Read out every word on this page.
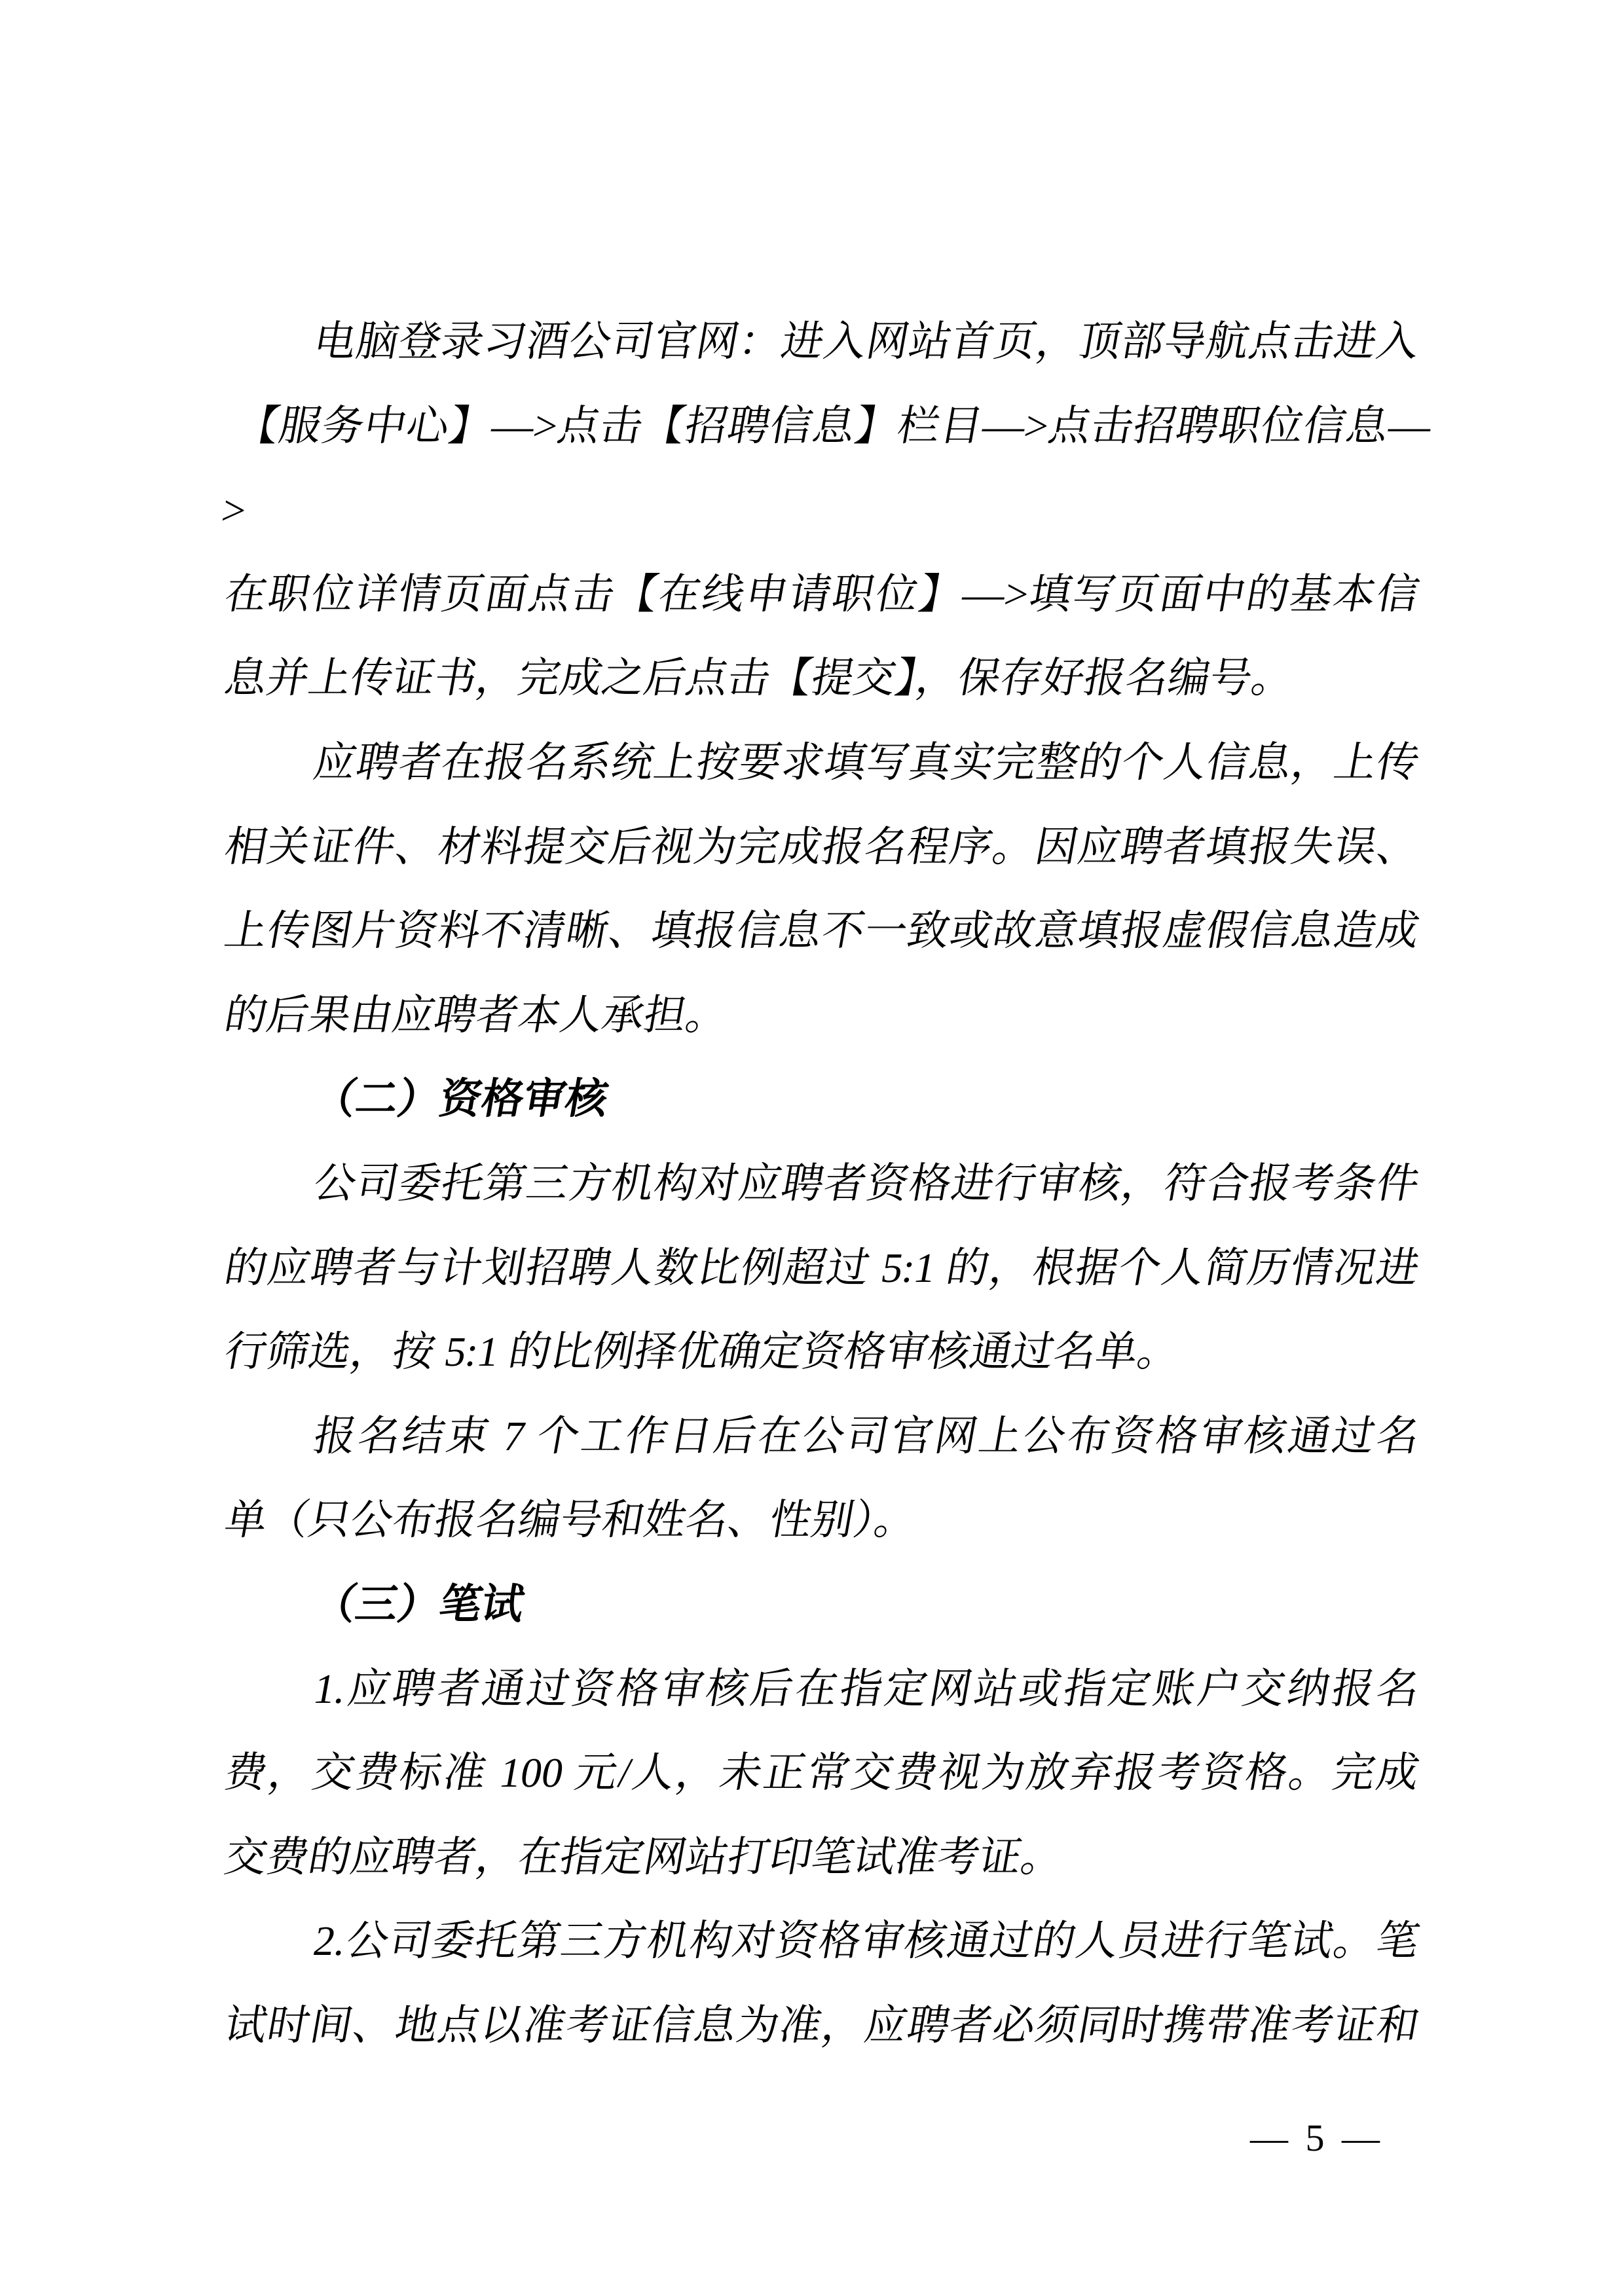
电脑登录习酒公司官网：进入网站首页，顶部导航点击进入
【服务中心】—>点击【招聘信息】栏目—>点击招聘职位信息—>
在职位详情页面点击【在线申请职位】—>填写页面中的基本信
息并上传证书，完成之后点击【提交】，保存好报名编号。
应聘者在报名系统上按要求填写真实完整的个人信息，上传
相关证件、材料提交后视为完成报名程序。因应聘者填报失误、
上传图片资料不清晰、填报信息不一致或故意填报虚假信息造成
的后果由应聘者本人承担。
（二）资格审核
公司委托第三方机构对应聘者资格进行审核，符合报考条件
的应聘者与计划招聘人数比例超过 5:1 的，根据个人简历情况进
行筛选，按 5:1 的比例择优确定资格审核通过名单。
报名结束 7 个工作日后在公司官网上公布资格审核通过名
单（只公布报名编号和姓名、性别）。
（三）笔试
1.应聘者通过资格审核后在指定网站或指定账户交纳报名
费，交费标准 100 元/人，未正常交费视为放弃报考资格。完成
交费的应聘者，在指定网站打印笔试准考证。
2.公司委托第三方机构对资格审核通过的人员进行笔试。笔
试时间、地点以准考证信息为准，应聘者必须同时携带准考证和
— 5 —
